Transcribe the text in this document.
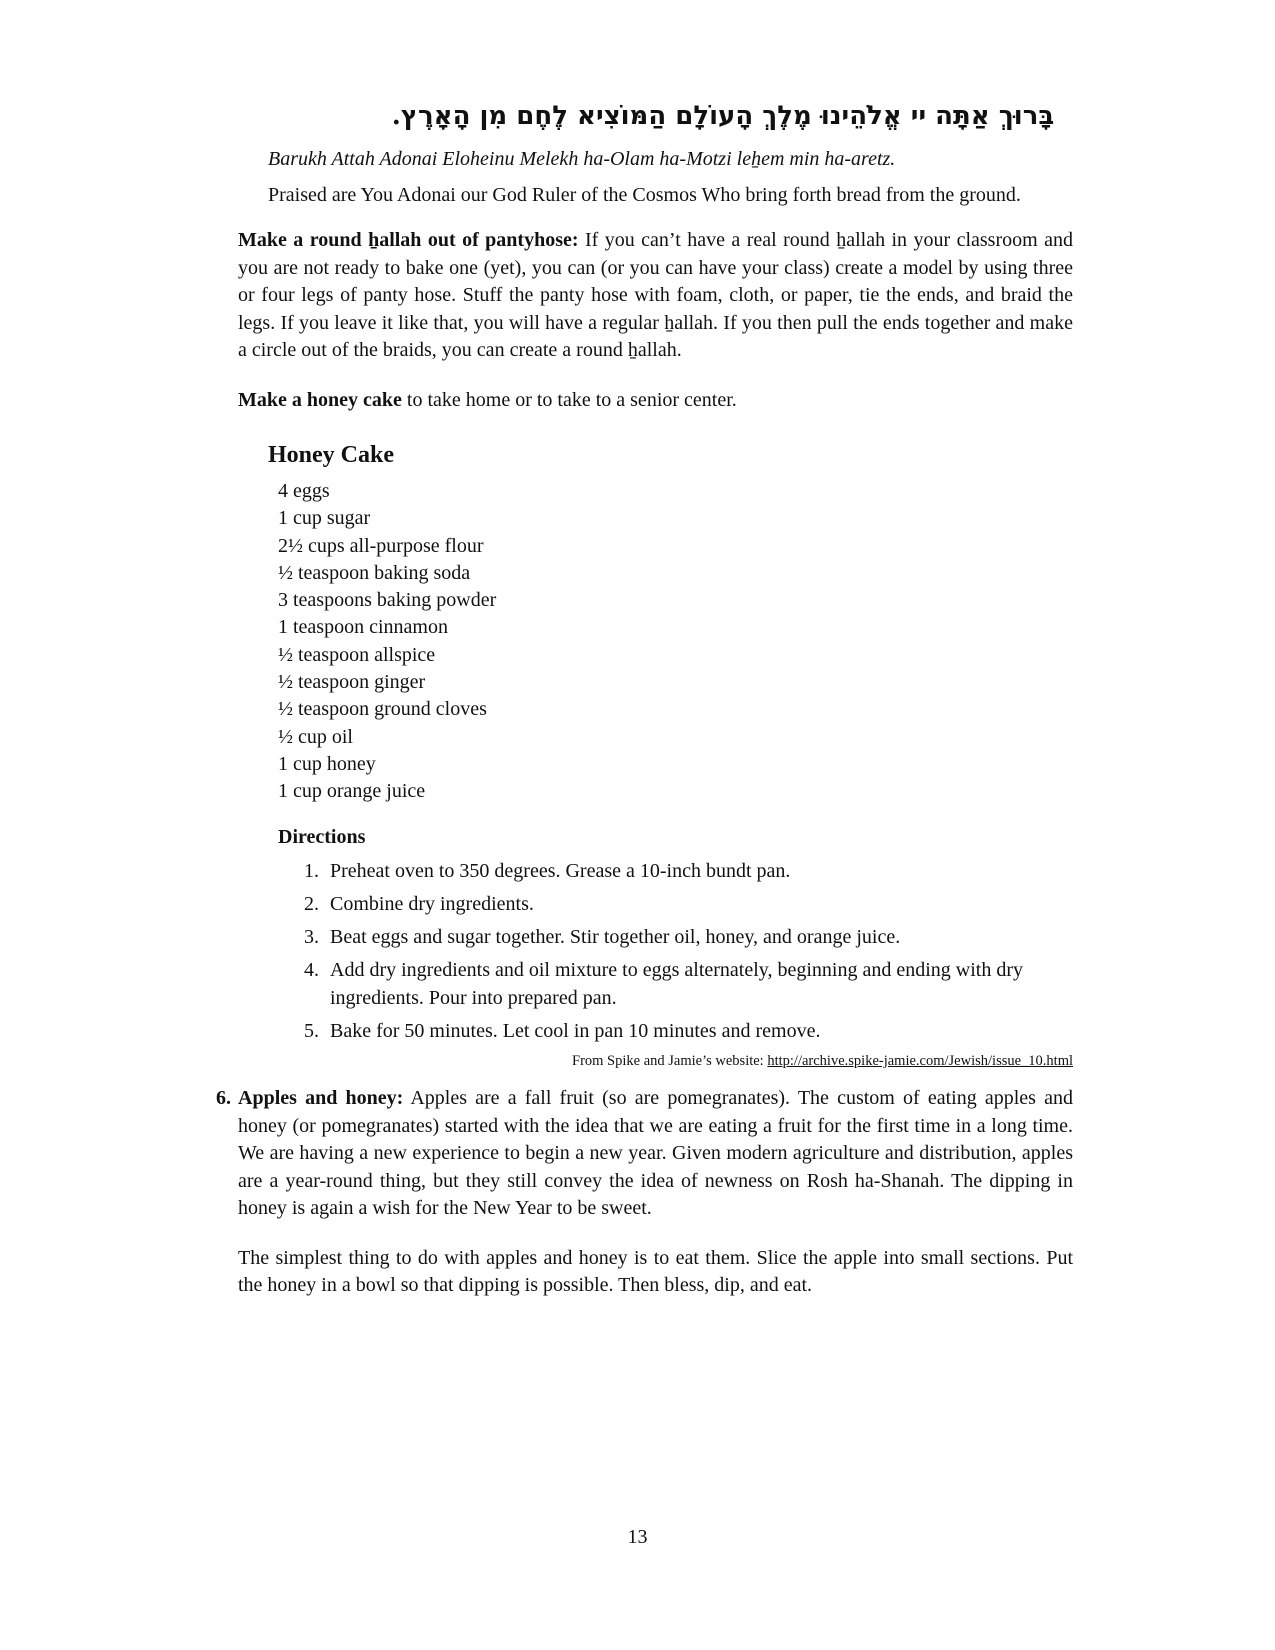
בָּרוּךְ אַתָּה יי אֱלֹהֵינוּ מֶלֶךְ הָעוֹלָם הַמּוֹצִיא לֶחֶם מִן הָאָרֶץ.

Barukh Attah Adonai Eloheinu Melekh ha-Olam ha-Motzi leẖem min ha-aretz.

Praised are You Adonai our God Ruler of the Cosmos Who bring forth bread from the ground.

Make a round ẖallah out of pantyhose: If you can’t have a real round ẖallah in your classroom and you are not ready to bake one (yet), you can (or you can have your class) create a model by using three or four legs of panty hose. Stuff the panty hose with foam, cloth, or paper, tie the ends, and braid the legs. If you leave it like that, you will have a regular ẖallah. If you then pull the ends together and make a circle out of the braids, you can create a round ẖallah.

Make a honey cake to take home or to take to a senior center.

Honey Cake
4 eggs
1 cup sugar
2½ cups all-purpose flour
½ teaspoon baking soda
3 teaspoons baking powder
1 teaspoon cinnamon
½ teaspoon allspice
½ teaspoon ginger
½ teaspoon ground cloves
½ cup oil
1 cup honey
1 cup orange juice
Directions
1. Preheat oven to 350 degrees. Grease a 10-inch bundt pan.
2. Combine dry ingredients.
3. Beat eggs and sugar together. Stir together oil, honey, and orange juice.
4. Add dry ingredients and oil mixture to eggs alternately, beginning and ending with dry ingredients. Pour into prepared pan.
5. Bake for 50 minutes. Let cool in pan 10 minutes and remove.

From Spike and Jamie’s website: http://archive.spike-jamie.com/Jewish/issue_10.html

6. Apples and honey: Apples are a fall fruit (so are pomegranates). The custom of eating apples and honey (or pomegranates) started with the idea that we are eating a fruit for the first time in a long time. We are having a new experience to begin a new year. Given modern agriculture and distribution, apples are a year-round thing, but they still convey the idea of newness on Rosh ha-Shanah. The dipping in honey is again a wish for the New Year to be sweet.

The simplest thing to do with apples and honey is to eat them. Slice the apple into small sections. Put the honey in a bowl so that dipping is possible. Then bless, dip, and eat.

13
